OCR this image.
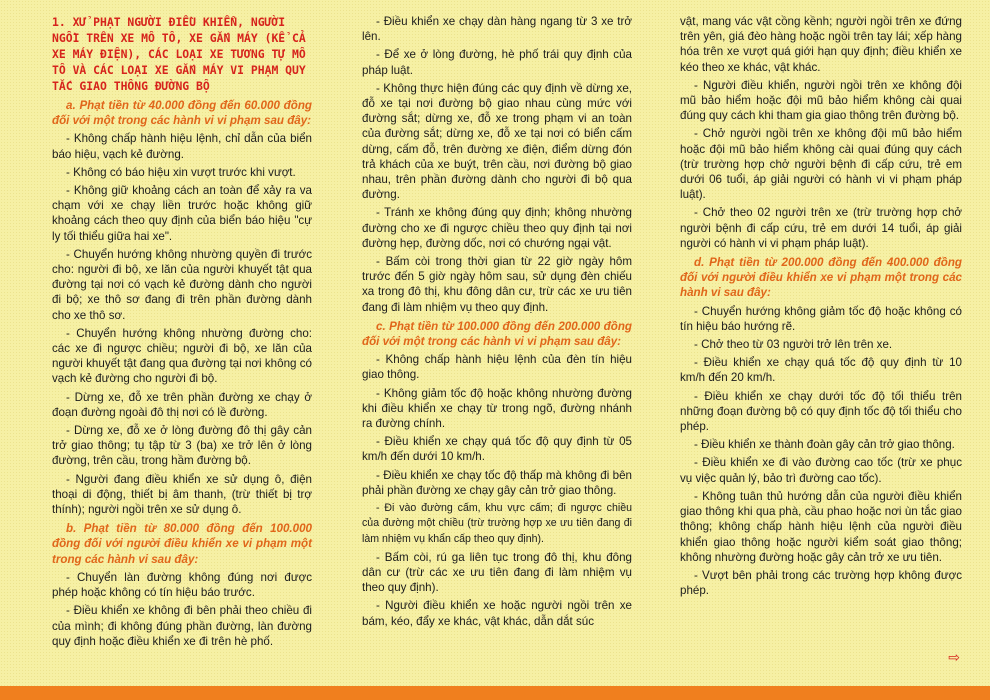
1. XỬ PHẠT NGƯỜI ĐIỀU KHIỂN, NGƯỜI NGỒI TRÊN XE MÔ TÔ, XE GẮN MÁY (KỂ CẢ XE MÁY ĐIỆN), CÁC LOẠI XE TƯƠNG TỰ MÔ TÔ VÀ CÁC LOẠI XE GẮN MÁY VI PHẠM QUY TẮC GIAO THÔNG ĐƯỜNG BỘ
a. Phạt tiền từ 40.000 đồng đến 60.000 đồng đối với một trong các hành vi vi phạm sau đây:
- Không chấp hành hiệu lệnh, chỉ dẫn của biển báo hiệu, vạch kẻ đường.
- Không có báo hiệu xin vượt trước khi vượt.
- Không giữ khoảng cách an toàn để xảy ra va chạm với xe chạy liền trước hoặc không giữ khoảng cách theo quy định của biển báo hiệu "cự ly tối thiểu giữa hai xe".
- Chuyển hướng không nhường quyền đi trước cho: người đi bộ, xe lăn của người khuyết tật qua đường tại nơi có vạch kẻ đường dành cho người đi bộ; xe thô sơ đang đi trên phần đường dành cho xe thô sơ.
- Chuyển hướng không nhường đường cho: các xe đi ngược chiều; người đi bộ, xe lăn của người khuyết tật đang qua đường tại nơi không có vạch kẻ đường cho người đi bộ.
- Dừng xe, đỗ xe trên phần đường xe chạy ở đoạn đường ngoài đô thị nơi có lề đường.
- Dừng xe, đỗ xe ở lòng đường đô thị gây cản trở giao thông; tụ tập từ 3 (ba) xe trở lên ở lòng đường, trên cầu, trong hầm đường bộ.
- Người đang điều khiển xe sử dụng ô, điện thoại di động, thiết bị âm thanh, (trừ thiết bị trợ thính); người ngồi trên xe sử dụng ô.
b. Phạt tiền từ 80.000 đồng đến 100.000 đồng đối với người điều khiển xe vi phạm một trong các hành vi sau đây:
- Chuyển làn đường không đúng nơi được phép hoặc không có tín hiệu báo trước.
- Điều khiển xe không đi bên phải theo chiều đi của mình; đi không đúng phần đường, làn đường quy định hoặc điều khiển xe đi trên hè phố.
- Điều khiển xe chạy dàn hàng ngang từ 3 xe trở lên.
- Để xe ở lòng đường, hè phố trái quy định của pháp luật.
- Không thực hiện đúng các quy định về dừng xe, đỗ xe tại nơi đường bộ giao nhau cùng mức với đường sắt; dừng xe, đỗ xe trong phạm vi an toàn của đường sắt; dừng xe, đỗ xe tại nơi có biển cấm dừng, cấm đỗ, trên đường xe điện, điểm dừng đón trả khách của xe buýt, trên cầu, nơi đường bộ giao nhau, trên phần đường dành cho người đi bộ qua đường.
- Tránh xe không đúng quy định; không nhường đường cho xe đi ngược chiều theo quy định tại nơi đường hẹp, đường dốc, nơi có chướng ngại vật.
- Bấm còi trong thời gian từ 22 giờ ngày hôm trước đến 5 giờ ngày hôm sau, sử dụng đèn chiếu xa trong đô thị, khu đông dân cư, trừ các xe ưu tiên đang đi làm nhiệm vụ theo quy định.
c. Phạt tiền từ 100.000 đồng đến 200.000 đồng đối với một trong các hành vi vi phạm sau đây:
- Không chấp hành hiệu lệnh của đèn tín hiệu giao thông.
- Không giảm tốc độ hoặc không nhường đường khi điều khiển xe chạy từ trong ngõ, đường nhánh ra đường chính.
- Điều khiển xe chạy quá tốc độ quy định từ 05 km/h đến dưới 10 km/h.
- Điều khiển xe chạy tốc độ thấp mà không đi bên phải phần đường xe chạy gây cản trở giao thông.
- Đi vào đường cấm, khu vực cấm; đi ngược chiều của đường một chiều (trừ trường hợp xe ưu tiên đang đi làm nhiệm vụ khẩn cấp theo quy định).
- Bấm còi, rú ga liên tục trong đô thị, khu đông dân cư (trừ các xe ưu tiên đang đi làm nhiệm vụ theo quy định).
- Người điều khiển xe hoặc người ngồi trên xe bám, kéo, đẩy xe khác, vật khác, dẫn dắt súc
vật, mang vác vật cồng kềnh; người ngồi trên xe đứng trên yên, giá đèo hàng hoặc ngồi trên tay lái; xếp hàng hóa trên xe vượt quá giới hạn quy định; điều khiển xe kéo theo xe khác, vật khác.
- Người điều khiển, người ngồi trên xe không đội mũ bảo hiểm hoặc đội mũ bảo hiểm không cài quai đúng quy cách khi tham gia giao thông trên đường bộ.
- Chở người ngồi trên xe không đội mũ bảo hiểm hoặc đội mũ bảo hiểm không cài quai đúng quy cách (trừ trường hợp chở người bệnh đi cấp cứu, trẻ em dưới 06 tuổi, áp giải người có hành vi vi phạm pháp luật).
- Chở theo 02 người trên xe (trừ trường hợp chở người bệnh đi cấp cứu, trẻ em dưới 14 tuổi, áp giải người có hành vi vi phạm pháp luật).
d. Phạt tiền từ 200.000 đồng đến 400.000 đồng đối với người điều khiển xe vi phạm một trong các hành vi sau đây:
- Chuyển hướng không giảm tốc độ hoặc không có tín hiệu báo hướng rẽ.
- Chở theo từ 03 người trở lên trên xe.
- Điều khiển xe chạy quá tốc độ quy định từ 10 km/h đến 20 km/h.
- Điều khiển xe chạy dưới tốc độ tối thiểu trên những đoạn đường bộ có quy định tốc độ tối thiểu cho phép.
- Điều khiển xe thành đoàn gây cản trở giao thông.
- Điều khiển xe đi vào đường cao tốc (trừ xe phục vụ việc quản lý, bảo trì đường cao tốc).
- Không tuân thủ hướng dẫn của người điều khiển giao thông khi qua phà, cầu phao hoặc nơi ùn tắc giao thông; không chấp hành hiệu lệnh của người điều khiển giao thông hoặc người kiểm soát giao thông; không nhường đường hoặc gây cản trở xe ưu tiên.
- Vượt bên phải trong các trường hợp không được phép.
⇨
